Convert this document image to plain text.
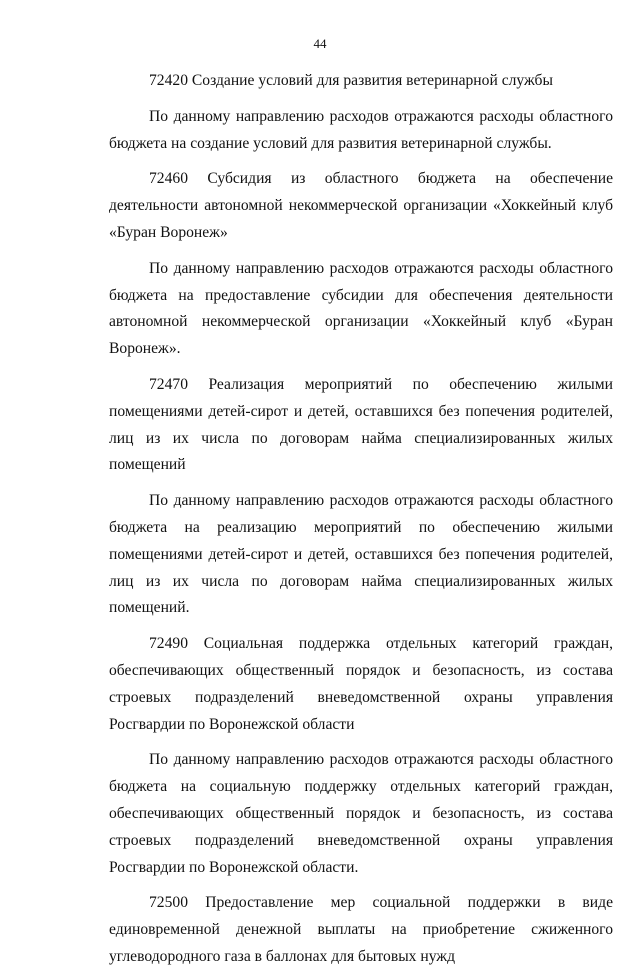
44

72420 Создание условий для развития ветеринарной службы

По данному направлению расходов отражаются расходы областного бюджета на создание условий для развития ветеринарной службы.

72460 Субсидия из областного бюджета на обеспечение деятельности автономной некоммерческой организации «Хоккейный клуб «Буран Воронеж»

По данному направлению расходов отражаются расходы областного бюджета на предоставление субсидии для обеспечения деятельности автономной некоммерческой организации «Хоккейный клуб «Буран Воронеж».

72470 Реализация мероприятий по обеспечению жилыми помещениями детей-сирот и детей, оставшихся без попечения родителей, лиц из их числа по договорам найма специализированных жилых помещений

По данному направлению расходов отражаются расходы областного бюджета на реализацию мероприятий по обеспечению жилыми помещениями детей-сирот и детей, оставшихся без попечения родителей, лиц из их числа по договорам найма специализированных жилых помещений.

72490 Социальная поддержка отдельных категорий граждан, обеспечивающих общественный порядок и безопасность, из состава строевых подразделений вневедомственной охраны управления Росгвардии по Воронежской области

По данному направлению расходов отражаются расходы областного бюджета на социальную поддержку отдельных категорий граждан, обеспечивающих общественный порядок и безопасность, из состава строевых подразделений вневедомственной охраны управления Росгвардии по Воронежской области.

72500 Предоставление мер социальной поддержки в виде единовременной денежной выплаты на приобретение сжиженного углеводородного газа в баллонах для бытовых нужд
